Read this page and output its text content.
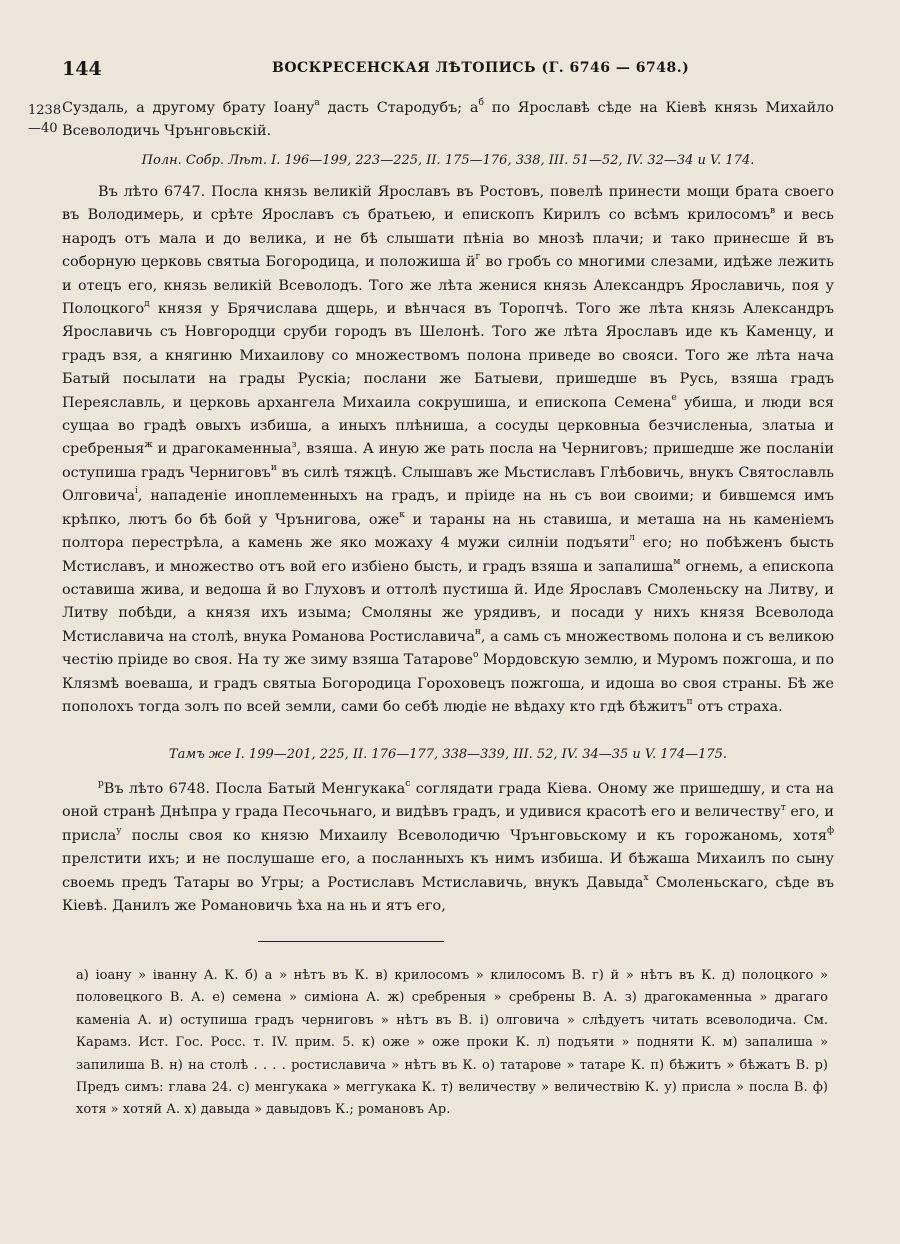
144	ВОСКРЕСЕНСКАЯ ЛѢТОПИСЬ (Г. 6746 — 6748.)
1238
—40

Суздаль, а другому брату Іоану$^а$ дасть Стародубъ; $а^б$ по Ярославѣ сѣде на Кіевѣ князь Михайло Всеволодичь Чрънговьскій.

Полн. Собр. Лѣт. I. 196—199, 223—225, II. 175—176, 338, III. 51—52, IV. 32—34 и V. 174.

Въ лѣто 6747. Посла князь великій Ярославъ въ Ростовъ, повелѣ принести мощи брата своего въ Володимерь, и срѣте Ярославъ съ братьею, и епископъ Кирилъ со всѣмъ крилосомъ$^в$ и весь народъ отъ мала и до велика, и не бѣ слышати пѣніа во мнозѣ плачи; и тако принесше й въ соборную церковь святыа Богородица, и положиша $й^г$ во гробъ со многими слезами, идѣже лежить и отецъ его, князь великій Всеволодъ. Того же лѣта женися князь Александръ Ярославичь, поя у Полоцкого$^д$ князя у Брячислава дщерь, и вѣнчася въ Торопчѣ. Того же лѣта князь Александръ Ярославичь съ Новгородци сруби городъ въ Шелонѣ. Того же лѣта Ярославъ иде къ Каменцу, и градъ взя, а княгиню Михаилову со множествомъ полона приведе во свояси. Того же лѣта нача Батый посылати на грады Рускіа; послани же Батыеви, пришедше въ Русь, взяша градъ Переяславль, и церковь архангела Михаила сокрушиша, и епископа Семена$^е$ убиша, и люди вся сущаа во градѣ овыхъ избиша, а иныхъ плѣниша, а сосуды церковныа безчисленыа, златыа и сребреныя$^ж$ и драгокаменныа$^з$, взяша. А иную же рать посла на Черниговъ; пришедше же посланіи оступиша градъ Черниговъ$^и$ въ силѣ тяжцѣ. Слышавъ же Мьстиславъ Глѣбовичь, внукъ Святославль Олговича$^і$, нападеніе иноплеменныхъ на градъ, и пріиде на нь съ вои своими; и бившемся имъ крѣпко, лютъ бо бѣ бой у Чрънигова, оже$^к$ и тараны на нь ставиша, и меташа на нь каменіемъ полтора перестрѣла, а камень же яко можаху 4 мужи силніи подъяти$^л$ его; но побѣженъ бысть Мстиславъ, и множество отъ вой его избіено бысть, и градъ взяша и запалиша$^м$ огнемь, а епископа оставиша жива, и ведоша й во Глуховъ и оттолѣ пустиша й. Иде Ярославъ Смоленьску на Литву, и Литву побѣди, а князя ихъ изыма; Смоляны же урядивъ, и посади у нихъ князя Всеволода Мстиславича на столѣ, внука Романова Ростиславича$^н$, а самь съ множествомь полона и съ великою честію пріиде во своя. На ту же зиму взяша Татарове$^о$ Мордовскую землю, и Муромъ пожгоша, и по Клязмѣ воеваша, и градъ святыа Богородица Гороховецъ пожгоша, и идоша во своя страны. Бѣ же пополохъ тогда золъ по всей земли, сами бо себѣ людіе не вѣдаху кто гдѣ бѣжитъ$^п$ отъ страха.

Тамъ же I. 199—201, 225, II. 176—177, 338—339, III. 52, IV. 34—35 и V. 174—175.

$^р$Въ лѣто 6748. Посла Батый Менгукака$^с$ соглядати града Кіева. Оному же пришедшу, и ста на оной странѣ Днѣпра у града Песочьнаго, и видѣвъ градъ, и удивися красотѣ его и величеству$^т$ его, и присла$^у$ послы своя ко князю Михаилу Всеволодичю Чрънговьскому и къ горожаномь, хотя$^ф$ прелстити ихъ; и не послушаше его, а посланныхъ къ нимъ избиша. И бѣжаша Михаилъ по сыну своемь предъ Татары во Угры; а Ростиславъ Мстиславичь, внукъ Давыда$^х$ Смоленьскаго, сѣде въ Кіевѣ. Данилъ же Романовичь ѣха на нь и ятъ его,

а) іоану » іванну А. К. б) а » нѣтъ въ К. в) крилосомъ » клилосомъ В. г) й » нѣтъ въ К. д) полоцкого » половецкого В. А. е) семена » симіона А. ж) сребреныя » сребрены В. А. з) драгокаменныа » драгаго каменіа А. и) оступиша градъ черниговъ » нѣтъ въ В. і) олговича » слѣдуетъ читать всеволодича. См. Карамз. Ист. Гос. Росс. т. IV. прим. 5. к) оже » оже проки К. л) подъяти » подняти К. м) запалиша » запилиша В. н) на столѣ . . . . ростиславича » нѣтъ въ К. о) татарове » татаре К. п) бѣжитъ » бѣжатъ В. р) Предъ симъ: глава 24. с) менгукака » меггукака К. т) величеству » величествію К. у) присла » посла В. ф) хотя » хотяй А. х) давыда » давыдовъ К.; романовъ Ар.
